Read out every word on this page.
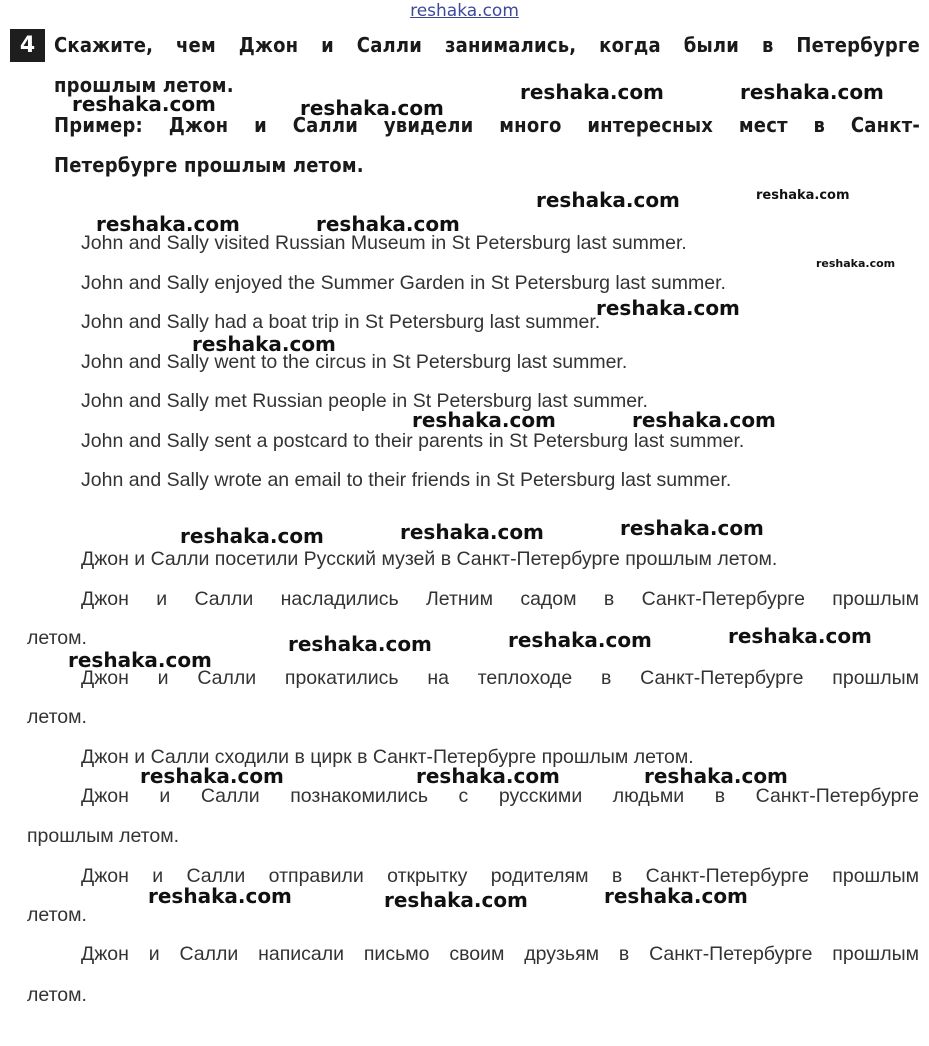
reshaka.com
4 Скажите, чем Джон и Салли занимались, когда были в Петербурге
прошлым летом.
Пример: Джон и Салли увидели много интересных мест в Санкт-
Петербурге прошлым летом.
John and Sally visited Russian Museum in St Petersburg last summer.
John and Sally enjoyed the Summer Garden in St Petersburg last summer.
John and Sally had a boat trip in St Petersburg last summer.
John and Sally went to the circus in St Petersburg last summer.
John and Sally met Russian people in St Petersburg last summer.
John and Sally sent a postcard to their parents in St Petersburg last summer.
John and Sally wrote an email to their friends in St Petersburg last summer.
Джон и Салли посетили Русский музей в Санкт-Петербурге прошлым летом.
Джон и Салли насладились Летним садом в Санкт-Петербурге прошлым
летом.
Джон и Салли прокатились на теплоходе в Санкт-Петербурге прошлым
летом.
Джон и Салли сходили в цирк в Санкт-Петербурге прошлым летом.
Джон и Салли познакомились с русскими людьми в Санкт-Петербурге
прошлым летом.
Джон и Салли отправили открытку родителям в Санкт-Петербурге прошлым
летом.
Джон и Салли написали письмо своим друзьям в Санкт-Петербурге прошлым
летом.
reshaka.com	reshaka.com
reshaka.com	reshaka.com
reshaka.com	reshaka.com
reshaka.com	reshaka.com
reshaka.com
reshaka.com
reshaka.com
reshaka.com	reshaka.com
reshaka.com	reshaka.com	reshaka.com
reshaka.com	reshaka.com	reshaka.com
reshaka.com
reshaka.com	reshaka.com	reshaka.com
reshaka.com	reshaka.com	reshaka.com
